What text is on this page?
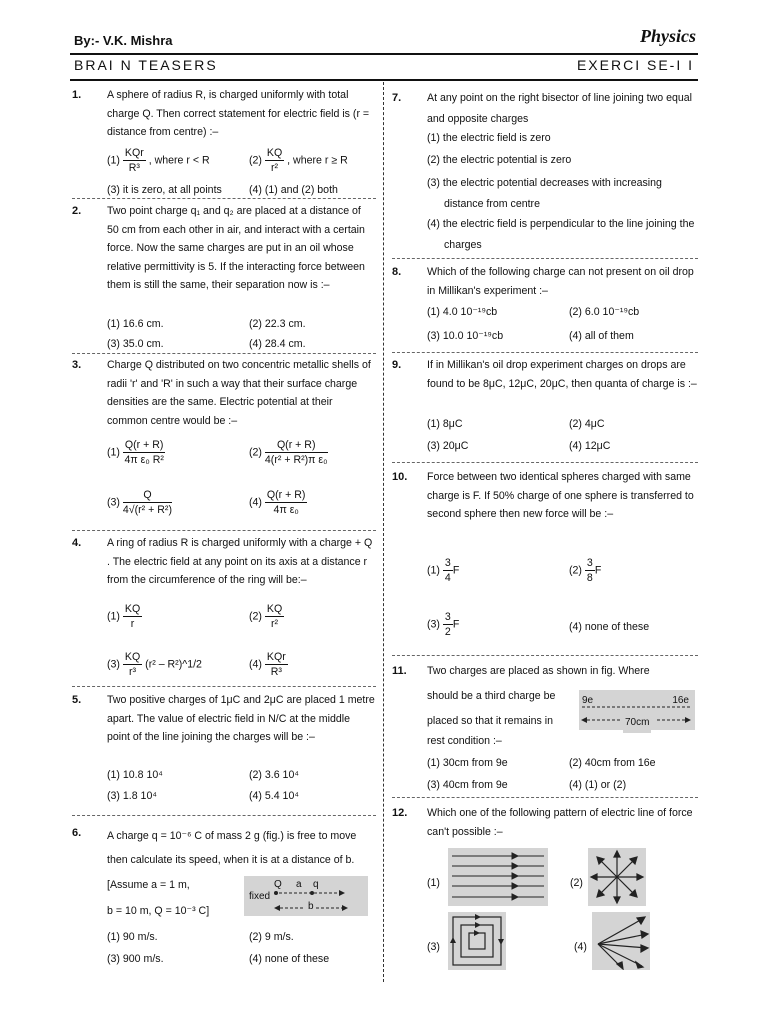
By:- V.K. Mishra	Physics
BRAI N TEASERS	EXERCI SE-I I
1. A sphere of radius R, is charged uniformly with total charge Q. Then correct statement for electric field is (r = distance from centre) :–
$(1) \frac{\text{KQr}}{\text{R³}}$ , where r < R	$(2) \frac{KQ}{\text{r²}}$ , where r ≥ R
(3) it is zero, at all points	(4) (1) and (2) both
2. Two point charge q₁ and q₂ are placed at a distance of 50 cm from each other in air, and interact with a certain force. Now the same charges are put in an oil whose relative permittivity is 5. If the interacting force between them is still the same, their separation now is :–
(1) 16.6 cm.	(2) 22.3 cm.
(3) 35.0 cm.	(4) 28.4 cm.
3. Charge Q distributed on two concentric metallic shells of radii 'r' and 'R' in such a way that their surface charge densities are the same. Electric potential at their common centre would be :–
$(1) \frac{Q(r + R)}{\text{4π ε₀ R²}}$	$(2) \frac{Q(r + R)}{\text{4(r² + R²)π ε₀}}$
$(3) \frac{Q}{\text{4√(r² + R²)}}$	$(4) \frac{Q(r + R)}{\text{4π ε₀}}$
4. A ring of radius R is charged uniformly with a charge + Q . The electric field at any point on its axis at a distance r from the circumference of the ring will be:–
$(1) \frac{KQ}{r}$	$(2) \frac{KQ}{\text{r²}}$
$(3) \frac{KQ}{\text{r³}} (r^2$ – R²)^1/2	$(4) \frac{\text{KQr}}{\text{R³}}$
5. Two positive charges of 1μC and 2μC are placed 1 metre apart. The value of electric field in N/C at the middle point of the line joining the charges will be :–
(1) 10.8 10⁴	(2) 3.6 10⁴
(3) 1.8 10⁴	(4) 5.4 10⁴
6. A charge q = 10⁻⁶ C of mass 2 g (fig.) is free to move then calculate its speed, when it is at a distance of b.
[Assume a = 1 m,
b = 10 m, Q = 10⁻³ C]
Q a q
fixed
b
(1) 90 m/s.	(2) 9 m/s.
(3) 900 m/s.	(4) none of these
7. At any point on the right bisector of line joining two equal and opposite charges
(1) the electric field is zero
(2) the electric potential is zero
(3) the electric potential decreases with increasing distance from centre
(4) the electric field is perpendicular to the line joining the charges
8. Which of the following charge can not present on oil drop in Millikan's experiment :–
(1) 4.0 10⁻¹⁹cb	(2) 6.0 10⁻¹⁹cb
(3) 10.0 10⁻¹⁹cb	(4) all of them
9. If in Millikan's oil drop experiment charges on drops are found to be 8μC, 12μC, 20μC, then quanta of charge is :–
(1) 8μC	(2) 4μC
(3) 20μC	(4) 12μC
10. Force between two identical spheres charged with same charge is F. If 50% charge of one sphere is transferred to second sphere then new force will be :–
$(1) \frac{3}{4}$ F	$(2) \frac{3}{8}$ F
$(3) \frac{3}{2}$ F	(4) none of these
11. Two charges are placed as shown in fig. Where
should be a third charge be
placed so that it remains in
rest condition :–
9e	16e
70cm
(1) 30cm from 9e	(2) 40cm from 16e
(3) 40cm from 9e	(4) (1) or (2)
12. Which one of the following pattern of electric line of force can't possible :–
(1)	(2)
(3)	(4)
